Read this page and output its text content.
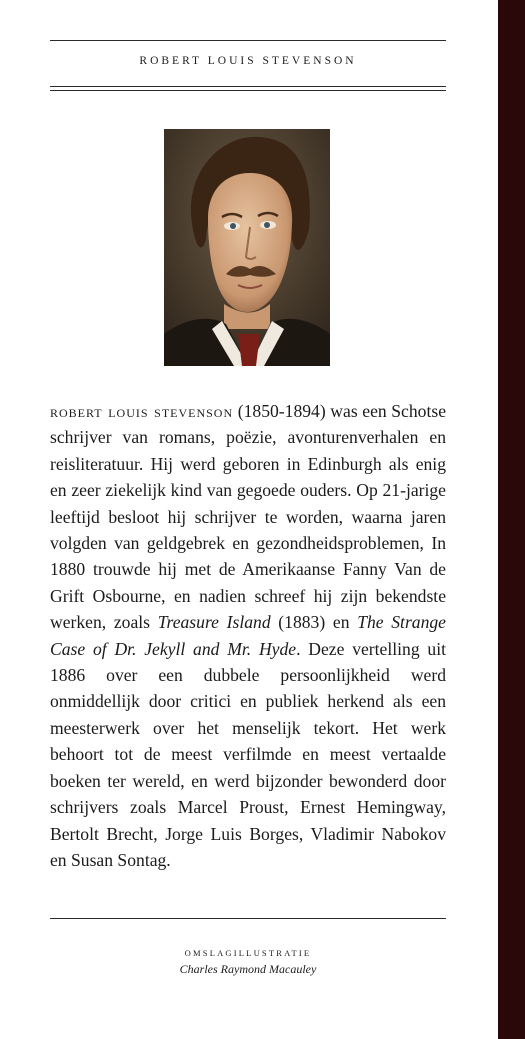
ROBERT LOUIS STEVENSON
robert louis stevenson (1850-1894) was een Schotse schrijver van romans, poëzie, avonturenverhalen en reisliteratuur. Hij werd geboren in Edinburgh als enig en zeer ziekelijk kind van gegoede ouders. Op 21-jarige leeftijd besloot hij schrijver te worden, waarna jaren volgden van geldgebrek en gezondheidsproblemen, In 1880 trouwde hij met de Amerikaanse Fanny Van de Grift Osbourne, en nadien schreef hij zijn bekendste werken, zoals Treasure Island (1883) en The Strange Case of Dr. Jekyll and Mr. Hyde. Deze vertelling uit 1886 over een dubbele persoonlijkheid werd onmiddellijk door critici en publiek herkend als een meesterwerk over het menselijk tekort. Het werk behoort tot de meest verfilmde en meest vertaalde boeken ter wereld, en werd bijzonder bewonderd door schrijvers zoals Marcel Proust, Ernest Hemingway, Bertolt Brecht, Jorge Luis Borges, Vladimir Nabokov en Susan Sontag.
OMSLAGILLUSTRATIE
Charles Raymond Macauley
